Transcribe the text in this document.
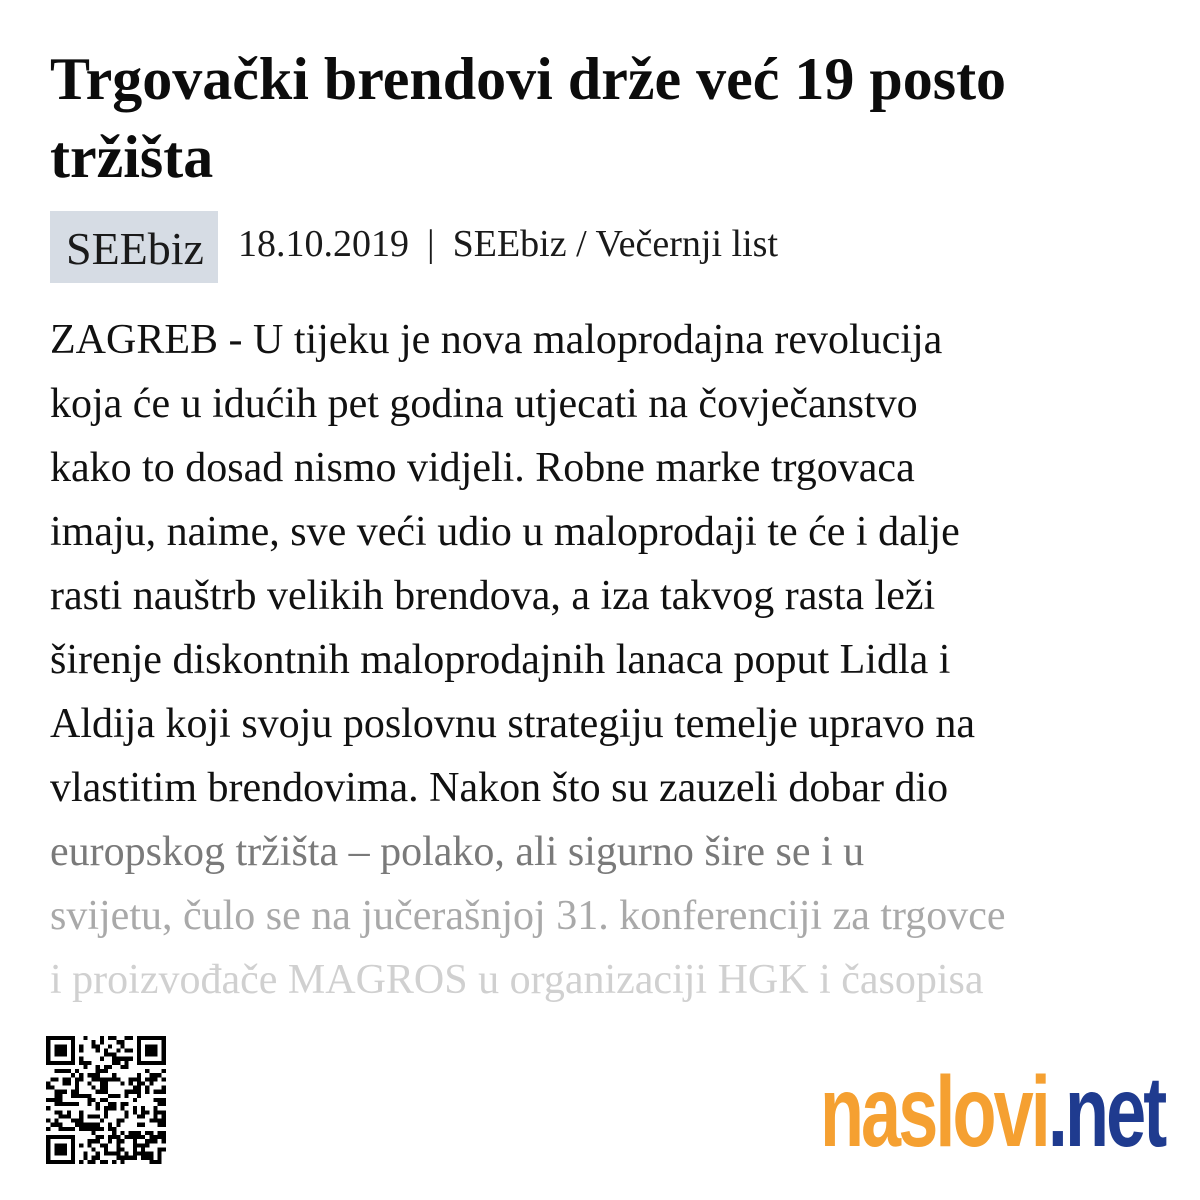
Trgovački brendovi drže već 19 posto tržišta
SEEbiz 18.10.2019 | SEEbiz / Večernji list
ZAGREB - U tijeku je nova maloprodajna revolucija
koja će u idućih pet godina utjecati na čovječanstvo
kako to dosad nismo vidjeli. Robne marke trgovaca
imaju, naime, sve veći udio u maloprodaji te će i dalje
rasti nauštrb velikih brendova, a iza takvog rasta leži
širenje diskontnih maloprodajnih lanaca poput Lidla i
Aldija koji svoju poslovnu strategiju temelje upravo na
vlastitim brendovima. Nakon što su zauzeli dobar dio
europskog tržišta – polako, ali sigurno šire se i u
svijetu, čulo se na jučerašnjoj 31. konferenciji za trgovce
i proizvođače MAGROS u organizaciji HGK i časopisa
naslovi.net
